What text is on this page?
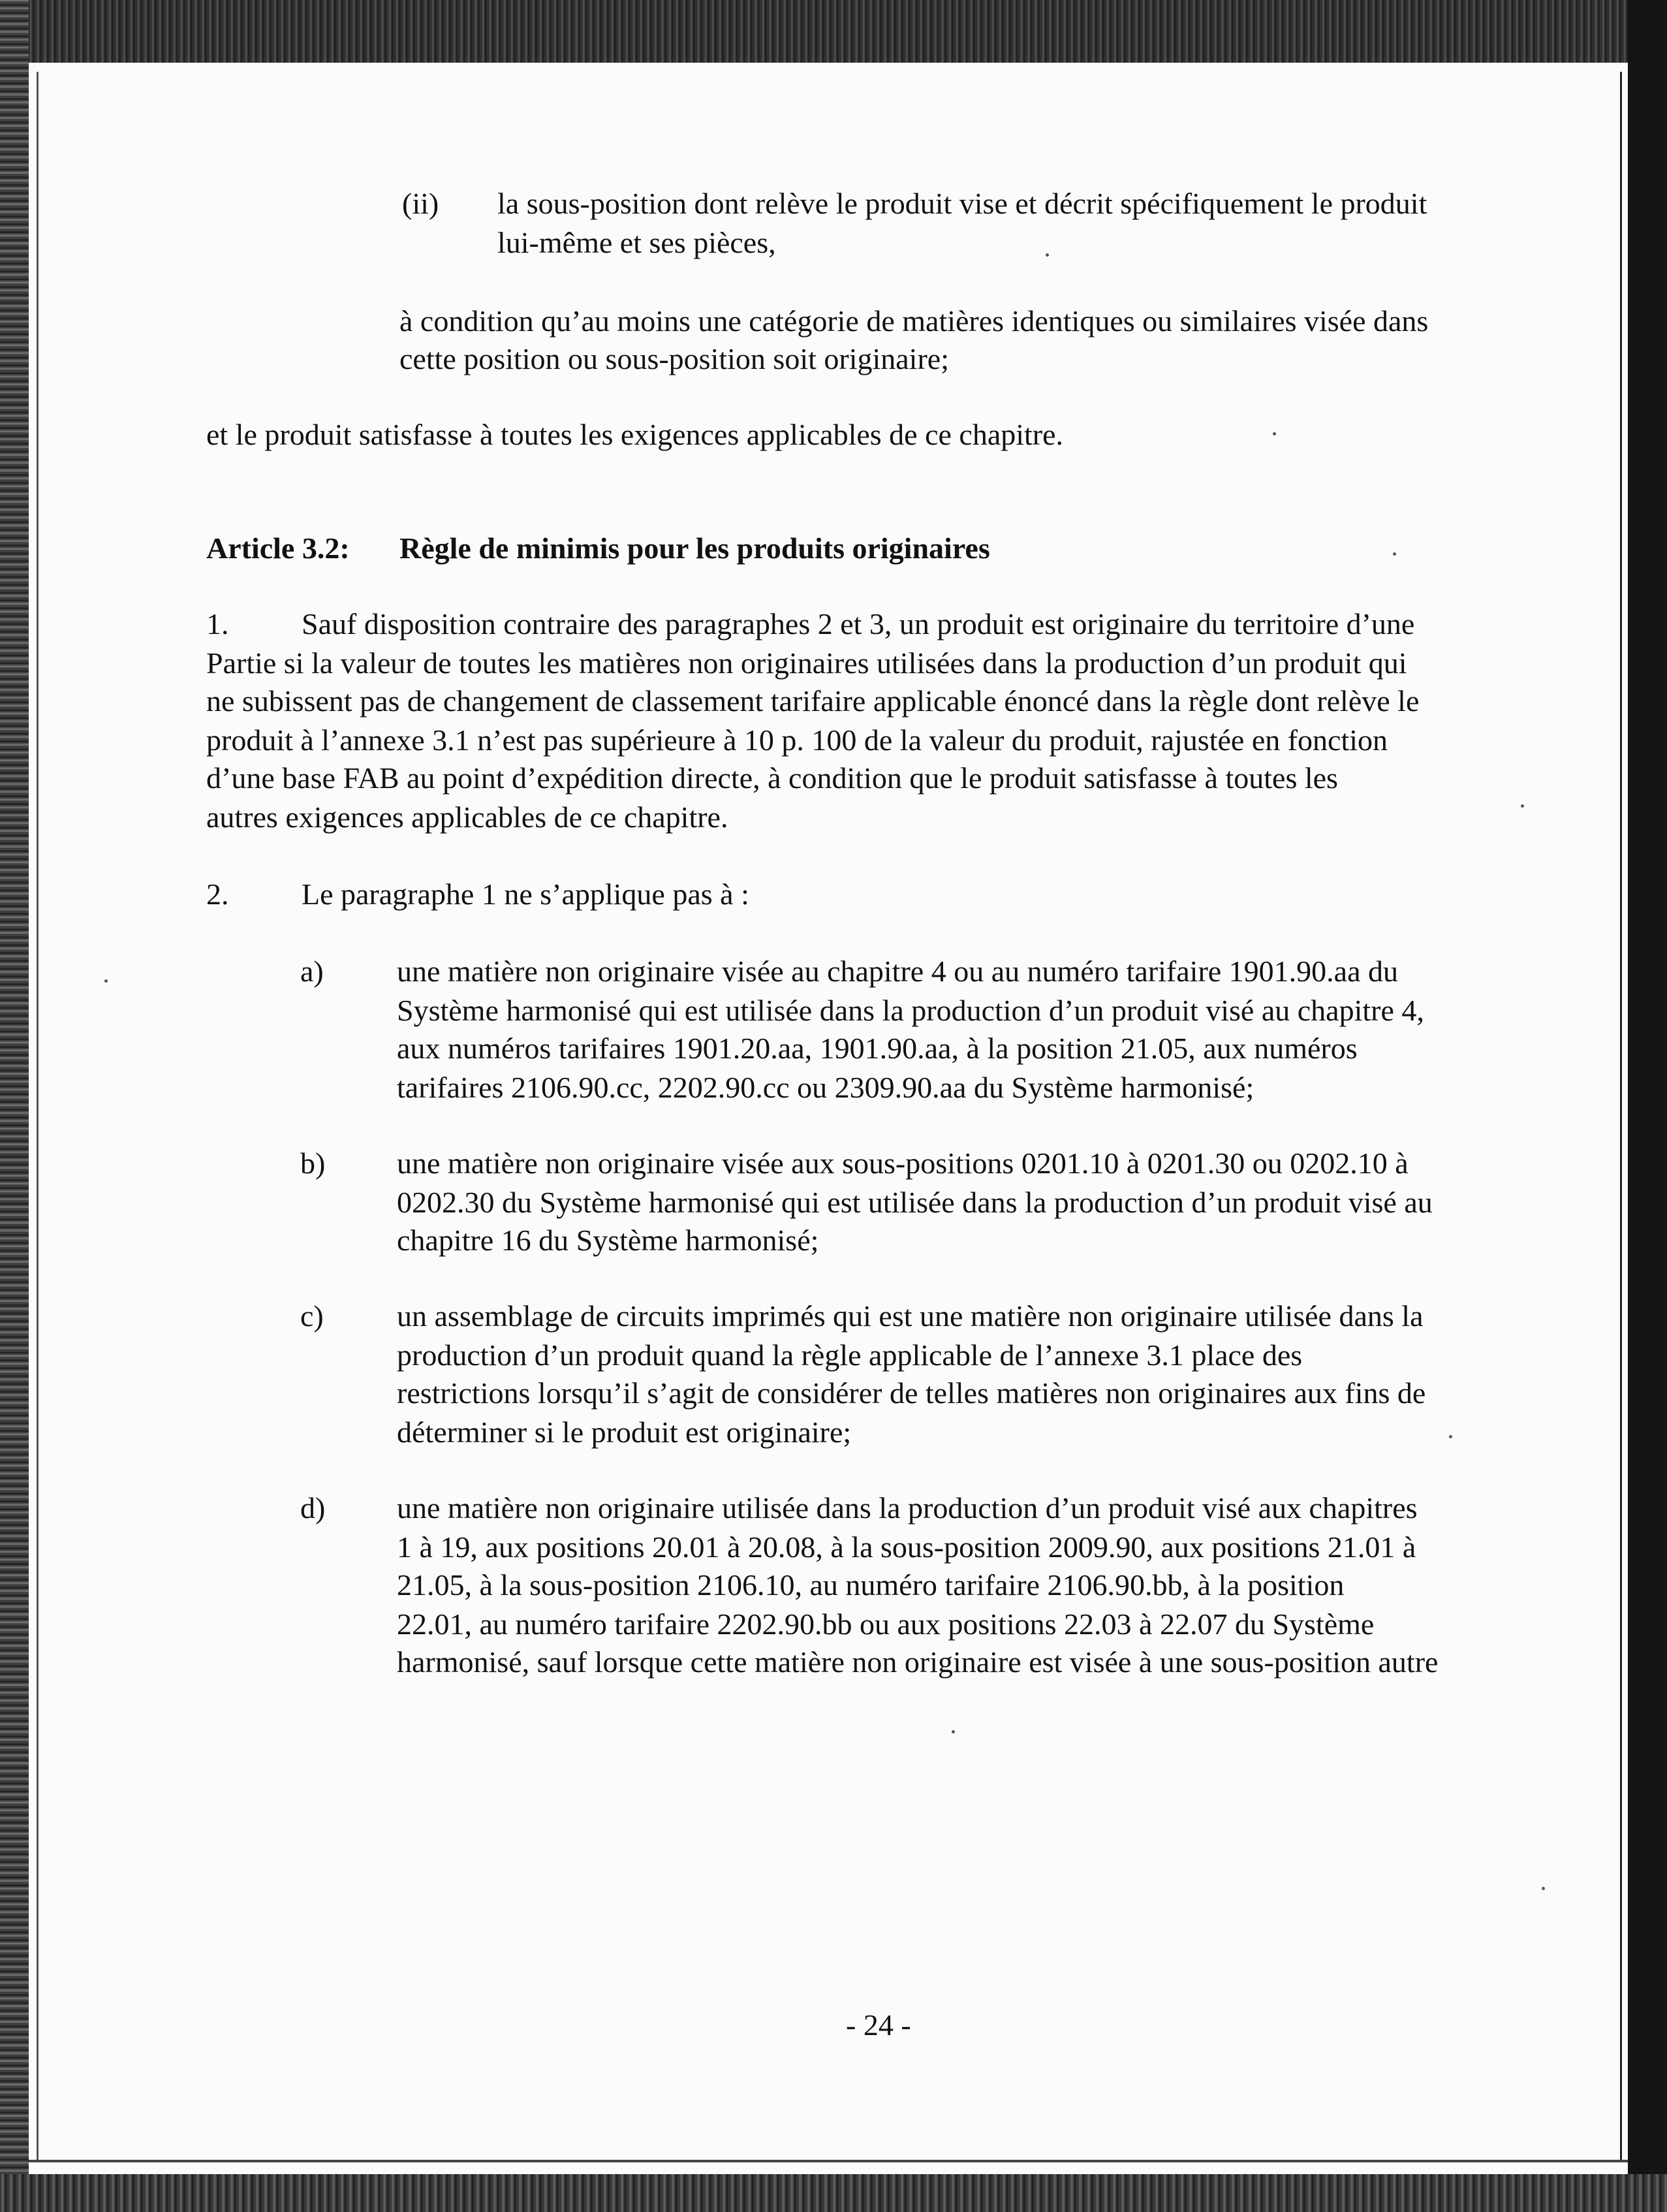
(ii) la sous-position dont relève le produit vise et décrit spécifiquement le produit
lui-même et ses pièces,
à condition qu’au moins une catégorie de matières identiques ou similaires visée dans
cette position ou sous-position soit originaire;
et le produit satisfasse à toutes les exigences applicables de ce chapitre.
Article 3.2: Règle de minimis pour les produits originaires
1. Sauf disposition contraire des paragraphes 2 et 3, un produit est originaire du territoire d’une
Partie si la valeur de toutes les matières non originaires utilisées dans la production d’un produit qui
ne subissent pas de changement de classement tarifaire applicable énoncé dans la règle dont relève le
produit à l’annexe 3.1 n’est pas supérieure à 10 p. 100 de la valeur du produit, rajustée en fonction
d’une base FAB au point d’expédition directe, à condition que le produit satisfasse à toutes les
autres exigences applicables de ce chapitre.
2. Le paragraphe 1 ne s’applique pas à :
a) une matière non originaire visée au chapitre 4 ou au numéro tarifaire 1901.90.aa du
Système harmonisé qui est utilisée dans la production d’un produit visé au chapitre 4,
aux numéros tarifaires 1901.20.aa, 1901.90.aa, à la position 21.05, aux numéros
tarifaires 2106.90.cc, 2202.90.cc ou 2309.90.aa du Système harmonisé;
b) une matière non originaire visée aux sous-positions 0201.10 à 0201.30 ou 0202.10 à
0202.30 du Système harmonisé qui est utilisée dans la production d’un produit visé au
chapitre 16 du Système harmonisé;
c) un assemblage de circuits imprimés qui est une matière non originaire utilisée dans la
production d’un produit quand la règle applicable de l’annexe 3.1 place des
restrictions lorsqu’il s’agit de considérer de telles matières non originaires aux fins de
déterminer si le produit est originaire;
d) une matière non originaire utilisée dans la production d’un produit visé aux chapitres
1 à 19, aux positions 20.01 à 20.08, à la sous-position 2009.90, aux positions 21.01 à
21.05, à la sous-position 2106.10, au numéro tarifaire 2106.90.bb, à la position
22.01, au numéro tarifaire 2202.90.bb ou aux positions 22.03 à 22.07 du Système
harmonisé, sauf lorsque cette matière non originaire est visée à une sous-position autre
- 24 -
